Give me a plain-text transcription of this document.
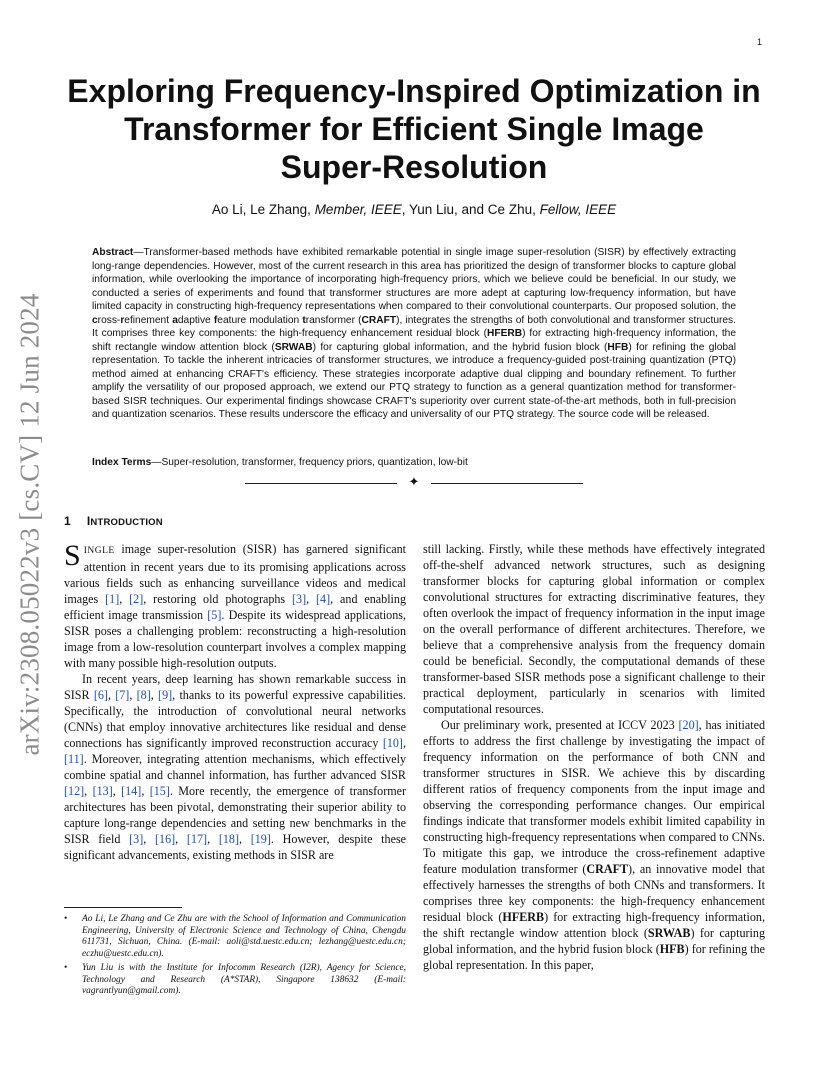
1
arXiv:2308.05022v3 [cs.CV] 12 Jun 2024
Exploring Frequency-Inspired Optimization in
Transformer for Efficient Single Image
Super-Resolution
Ao Li, Le Zhang, Member, IEEE, Yun Liu, and Ce Zhu, Fellow, IEEE
Abstract—Transformer-based methods have exhibited remarkable potential in single image super-resolution (SISR) by effectively extracting long-range dependencies. However, most of the current research in this area has prioritized the design of transformer blocks to capture global information, while overlooking the importance of incorporating high-frequency priors, which we believe could be beneficial. In our study, we conducted a series of experiments and found that transformer structures are more adept at capturing low-frequency information, but have limited capacity in constructing high-frequency representations when compared to their convolutional counterparts. Our proposed solution, the cross-refinement adaptive feature modulation transformer (CRAFT), integrates the strengths of both convolutional and transformer structures. It comprises three key components: the high-frequency enhancement residual block (HFERB) for extracting high-frequency information, the shift rectangle window attention block (SRWAB) for capturing global information, and the hybrid fusion block (HFB) for refining the global representation. To tackle the inherent intricacies of transformer structures, we introduce a frequency-guided post-training quantization (PTQ) method aimed at enhancing CRAFT's efficiency. These strategies incorporate adaptive dual clipping and boundary refinement. To further amplify the versatility of our proposed approach, we extend our PTQ strategy to function as a general quantization method for transformer-based SISR techniques. Our experimental findings showcase CRAFT's superiority over current state-of-the-art methods, both in full-precision and quantization scenarios. These results underscore the efficacy and universality of our PTQ strategy. The source code will be released.
Index Terms—Super-resolution, transformer, frequency priors, quantization, low-bit
✦
1 INTRODUCTION

SINGLE image super-resolution (SISR) has garnered significant attention in recent years due to its promising applications across various fields such as enhancing surveillance videos and medical images [1], [2], restoring old photographs [3], [4], and enabling efficient image transmission [5]. Despite its widespread applications, SISR poses a challenging problem: reconstructing a high-resolution image from a low-resolution counterpart involves a complex mapping with many possible high-resolution outputs.

In recent years, deep learning has shown remarkable success in SISR [6], [7], [8], [9], thanks to its powerful expressive capabilities. Specifically, the introduction of convolutional neural networks (CNNs) that employ innovative architectures like residual and dense connections has significantly improved reconstruction accuracy [10], [11]. Moreover, integrating attention mechanisms, which effectively combine spatial and channel information, has further advanced SISR [12], [13], [14], [15]. More recently, the emergence of transformer architectures has been pivotal, demonstrating their superior ability to capture long-range dependencies and setting new benchmarks in the SISR field [3], [16], [17], [18], [19]. However, despite these significant advancements, existing methods in SISR are

still lacking. Firstly, while these methods have effectively integrated off-the-shelf advanced network structures, such as designing transformer blocks for capturing global information or complex convolutional structures for extracting discriminative features, they often overlook the impact of frequency information in the input image on the overall performance of different architectures. Therefore, we believe that a comprehensive analysis from the frequency domain could be beneficial. Secondly, the computational demands of these transformer-based SISR methods pose a significant challenge to their practical deployment, particularly in scenarios with limited computational resources.

Our preliminary work, presented at ICCV 2023 [20], has initiated efforts to address the first challenge by investigating the impact of frequency information on the performance of both CNN and transformer structures in SISR. We achieve this by discarding different ratios of frequency components from the input image and observing the corresponding performance changes. Our empirical findings indicate that transformer models exhibit limited capability in constructing high-frequency representations when compared to CNNs. To mitigate this gap, we introduce the cross-refinement adaptive feature modulation transformer (CRAFT), an innovative model that effectively harnesses the strengths of both CNNs and transformers. It comprises three key components: the high-frequency enhancement residual block (HFERB) for extracting high-frequency information, the shift rectangle window attention block (SRWAB) for capturing global information, and the hybrid fusion block (HFB) for refining the global representation. In this paper,

• Ao Li, Le Zhang and Ce Zhu are with the School of Information and Communication Engineering, University of Electronic Science and Technology of China, Chengdu 611731, Sichuan, China. (E-mail: aoli@std.uestc.edu.cn; lezhang@uestc.edu.cn; eczhu@uestc.edu.cn).
• Yun Liu is with the Institute for Infocomm Research (I2R), Agency for Science, Technology and Research (A*STAR), Singapore 138632 (E-mail: vagrantlyun@gmail.com).
